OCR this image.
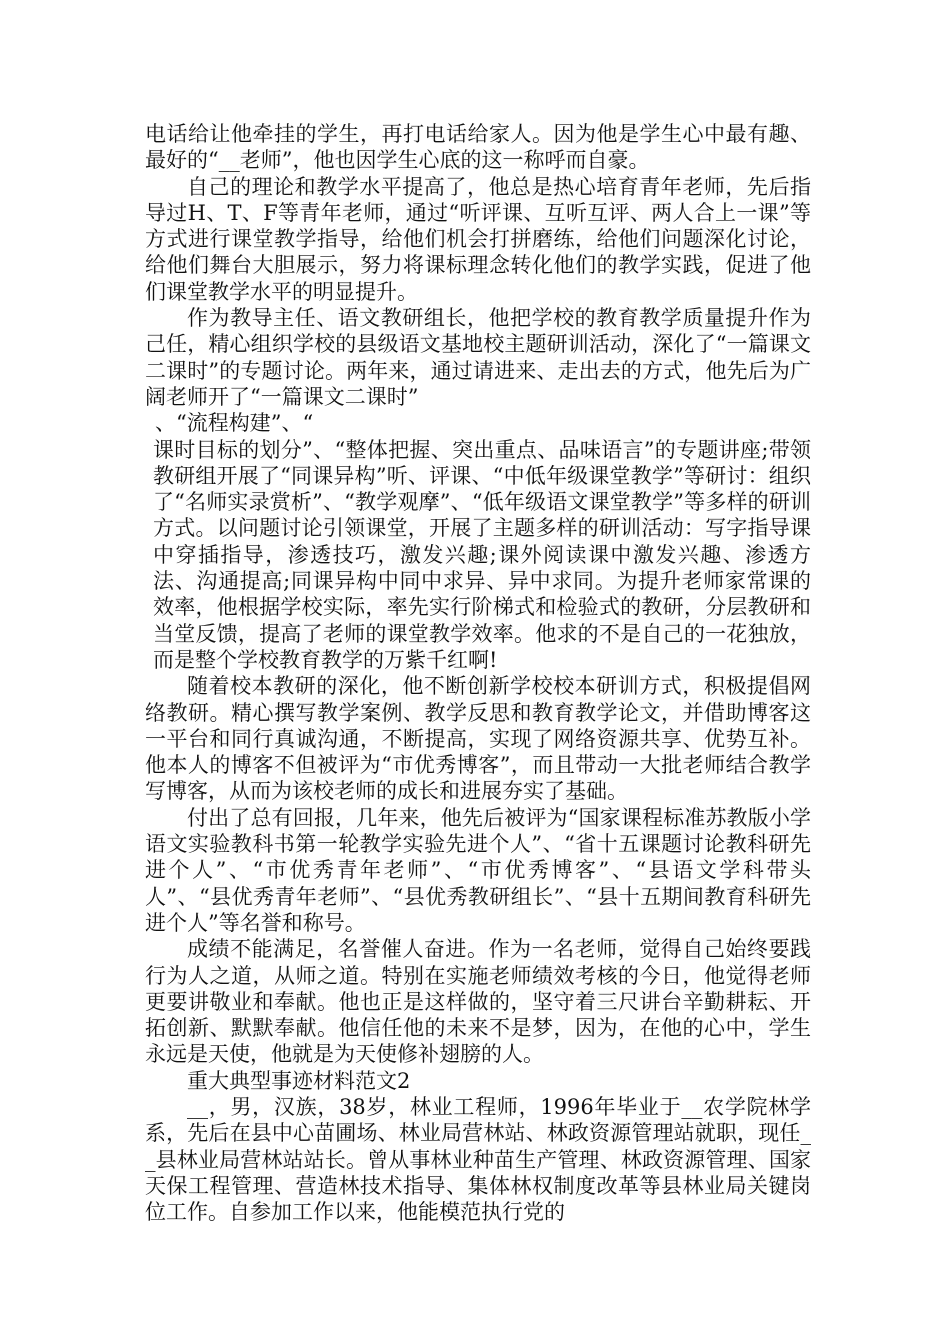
电话给让他牵挂的学生，再打电话给家人。因为他是学生心中最有趣、最好的“__老师”，他也因学生心底的这一称呼而自豪。

自己的理论和教学水平提高了，他总是热心培育青年老师，先后指导过H、T、F等青年老师，通过“听评课、互听互评、两人合上一课”等方式进行课堂教学指导，给他们机会打拼磨练，给他们问题深化讨论，给他们舞台大胆展示，努力将课标理念转化他们的教学实践，促进了他们课堂教学水平的明显提升。

作为教导主任、语文教研组长，他把学校的教育教学质量提升作为己任，精心组织学校的县级语文基地校主题研训活动，深化了“一篇课文二课时”的专题讨论。两年来，通过请进来、走出去的方式，他先后为广阔老师开了“一篇课文二课时”

、“流程构建”、“

课时目标的划分”、“整体把握、突出重点、品味语言”的专题讲座;带领教研组开展了“同课异构”听、评课、“中低年级课堂教学”等研讨：组织了“名师实录赏析”、“教学观摩”、“低年级语文课堂教学”等多样的研训方式。以问题讨论引领课堂，开展了主题多样的研训活动：写字指导课中穿插指导，渗透技巧，激发兴趣;课外阅读课中激发兴趣、渗透方法、沟通提高;同课异构中同中求异、异中求同。为提升老师家常课的效率，他根据学校实际，率先实行阶梯式和检验式的教研，分层教研和当堂反馈，提高了老师的课堂教学效率。他求的不是自己的一花独放，而是整个学校教育教学的万紫千红啊!

随着校本教研的深化，他不断创新学校校本研训方式，积极提倡网络教研。精心撰写教学案例、教学反思和教育教学论文，并借助博客这一平台和同行真诚沟通，不断提高，实现了网络资源共享、优势互补。他本人的博客不但被评为“市优秀博客”，而且带动一大批老师结合教学写博客，从而为该校老师的成长和进展夯实了基础。

付出了总有回报，几年来，他先后被评为“国家课程标准苏教版小学语文实验教科书第一轮教学实验先进个人”、“省十五课题讨论教科研先进个人”、“市优秀青年老师”、“市优秀博客”、“县语文学科带头人”、“县优秀青年老师”、“县优秀教研组长”、“县十五期间教育科研先进个人”等名誉和称号。

成绩不能满足，名誉催人奋进。作为一名老师，觉得自己始终要践行为人之道，从师之道。特别在实施老师绩效考核的今日，他觉得老师更要讲敬业和奉献。他也正是这样做的，坚守着三尺讲台辛勤耕耘、开拓创新、默默奉献。他信任他的未来不是梦，因为，在他的心中，学生永远是天使，他就是为天使修补翅膀的人。

重大典型事迹材料范文2

__，男，汉族，38岁，林业工程师，1996年毕业于__农学院林学系，先后在县中心苗圃场、林业局营林站、林政资源管理站就职，现任__县林业局营林站站长。曾从事林业种苗生产管理、林政资源管理、国家天保工程管理、营造林技术指导、集体林权制度改革等县林业局关键岗位工作。自参加工作以来，他能模范执行党的
